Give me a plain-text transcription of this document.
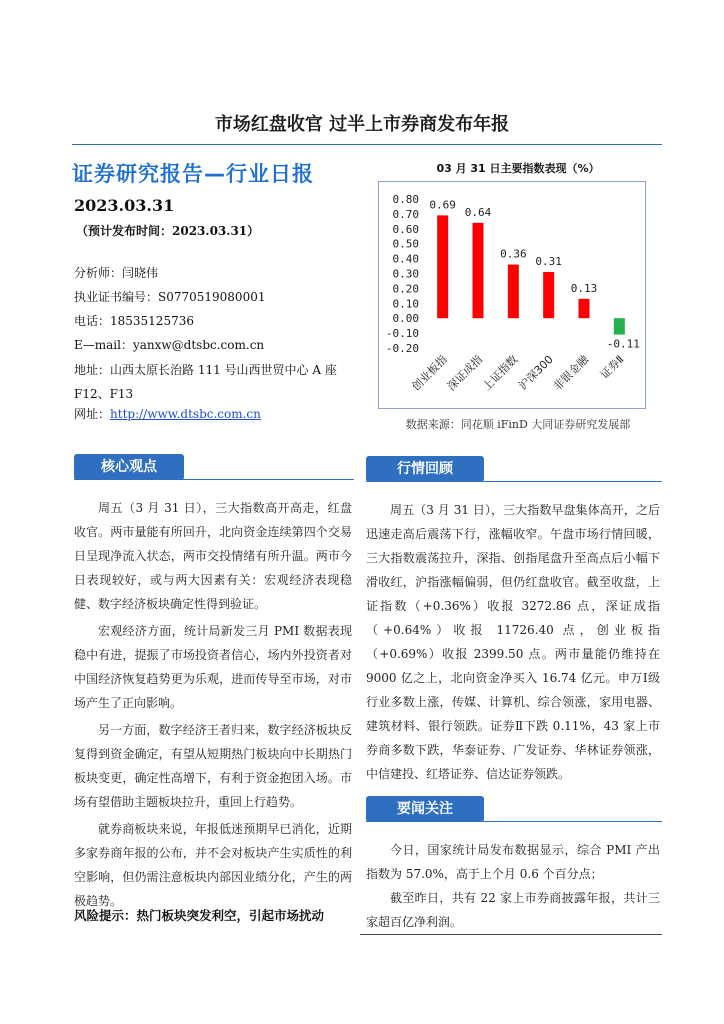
市场红盘收官 过半上市券商发布年报
证券研究报告—行业日报
2023.03.31
（预计发布时间：2023.03.31）
分析师：闫晓伟
执业证书编号：S0770519080001
电话：18535125736
E—mail：yanxw@dtsbc.com.cn
地址：山西太原长治路 111 号山西世贸中心 A 座
F12、F13
网址：http://www.dtsbc.com.cn
03 月 31 日主要指数表现（%）
0.80
0.70
0.60
0.50
0.40
0.30
0.20
0.10
0.00
-0.10
-0.20
0.69
创业板指
0.64
深证成指
0.36
上证指数
0.31
沪深300
0.13
非银金融
-0.11
证券Ⅱ
数据来源：同花顺 iFinD 大同证券研究发展部
核心观点

周五（3 月 31 日），三大指数高开高走，红盘收官。两市量能有所回升，北向资金连续第四个交易日呈现净流入状态，两市交投情绪有所升温。两市今日表现较好，或与两大因素有关：宏观经济表现稳健、数字经济板块确定性得到验证。

宏观经济方面，统计局新发三月 PMI 数据表现稳中有进，提振了市场投资者信心，场内外投资者对中国经济恢复趋势更为乐观，进而传导至市场，对市场产生了正向影响。

另一方面，数字经济王者归来，数字经济板块反复得到资金确定，有望从短期热门板块向中长期热门板块变更，确定性高增下，有利于资金抱团入场。市场有望借助主题板块拉升，重回上行趋势。

就券商板块来说，年报低迷预期早已消化，近期多家券商年报的公布，并不会对板块产生实质性的利空影响，但仍需注意板块内部因业绩分化，产生的两极趋势。

风险提示：热门板块突发利空，引起市场扰动
行情回顾

周五（3 月 31 日），三大指数早盘集体高开，之后迅速走高后震荡下行，涨幅收窄。午盘市场行情回暖，三大指数震荡拉升，深指、创指尾盘升至高点后小幅下滑收红，沪指涨幅偏弱，但仍红盘收官。截至收盘，上证指数（+0.36%）收报 3272.86 点，深证成指（+0.64%）收报 11726.40 点，创业板指（+0.69%）收报 2399.50 点。两市量能仍维持在 9000 亿之上，北向资金净买入 16.74 亿元。申万Ⅰ级行业多数上涨，传媒、计算机、综合领涨，家用电器、建筑材料、银行领跌。证券Ⅱ下跌 0.11%，43 家上市券商多数下跌，华泰证券、广发证券、华林证券领涨，中信建投、红塔证券、信达证券领跌。

要闻关注

今日，国家统计局发布数据显示，综合 PMI 产出指数为 57.0%，高于上个月 0.6 个百分点；

截至昨日，共有 22 家上市券商披露年报，共计三家超百亿净利润。
